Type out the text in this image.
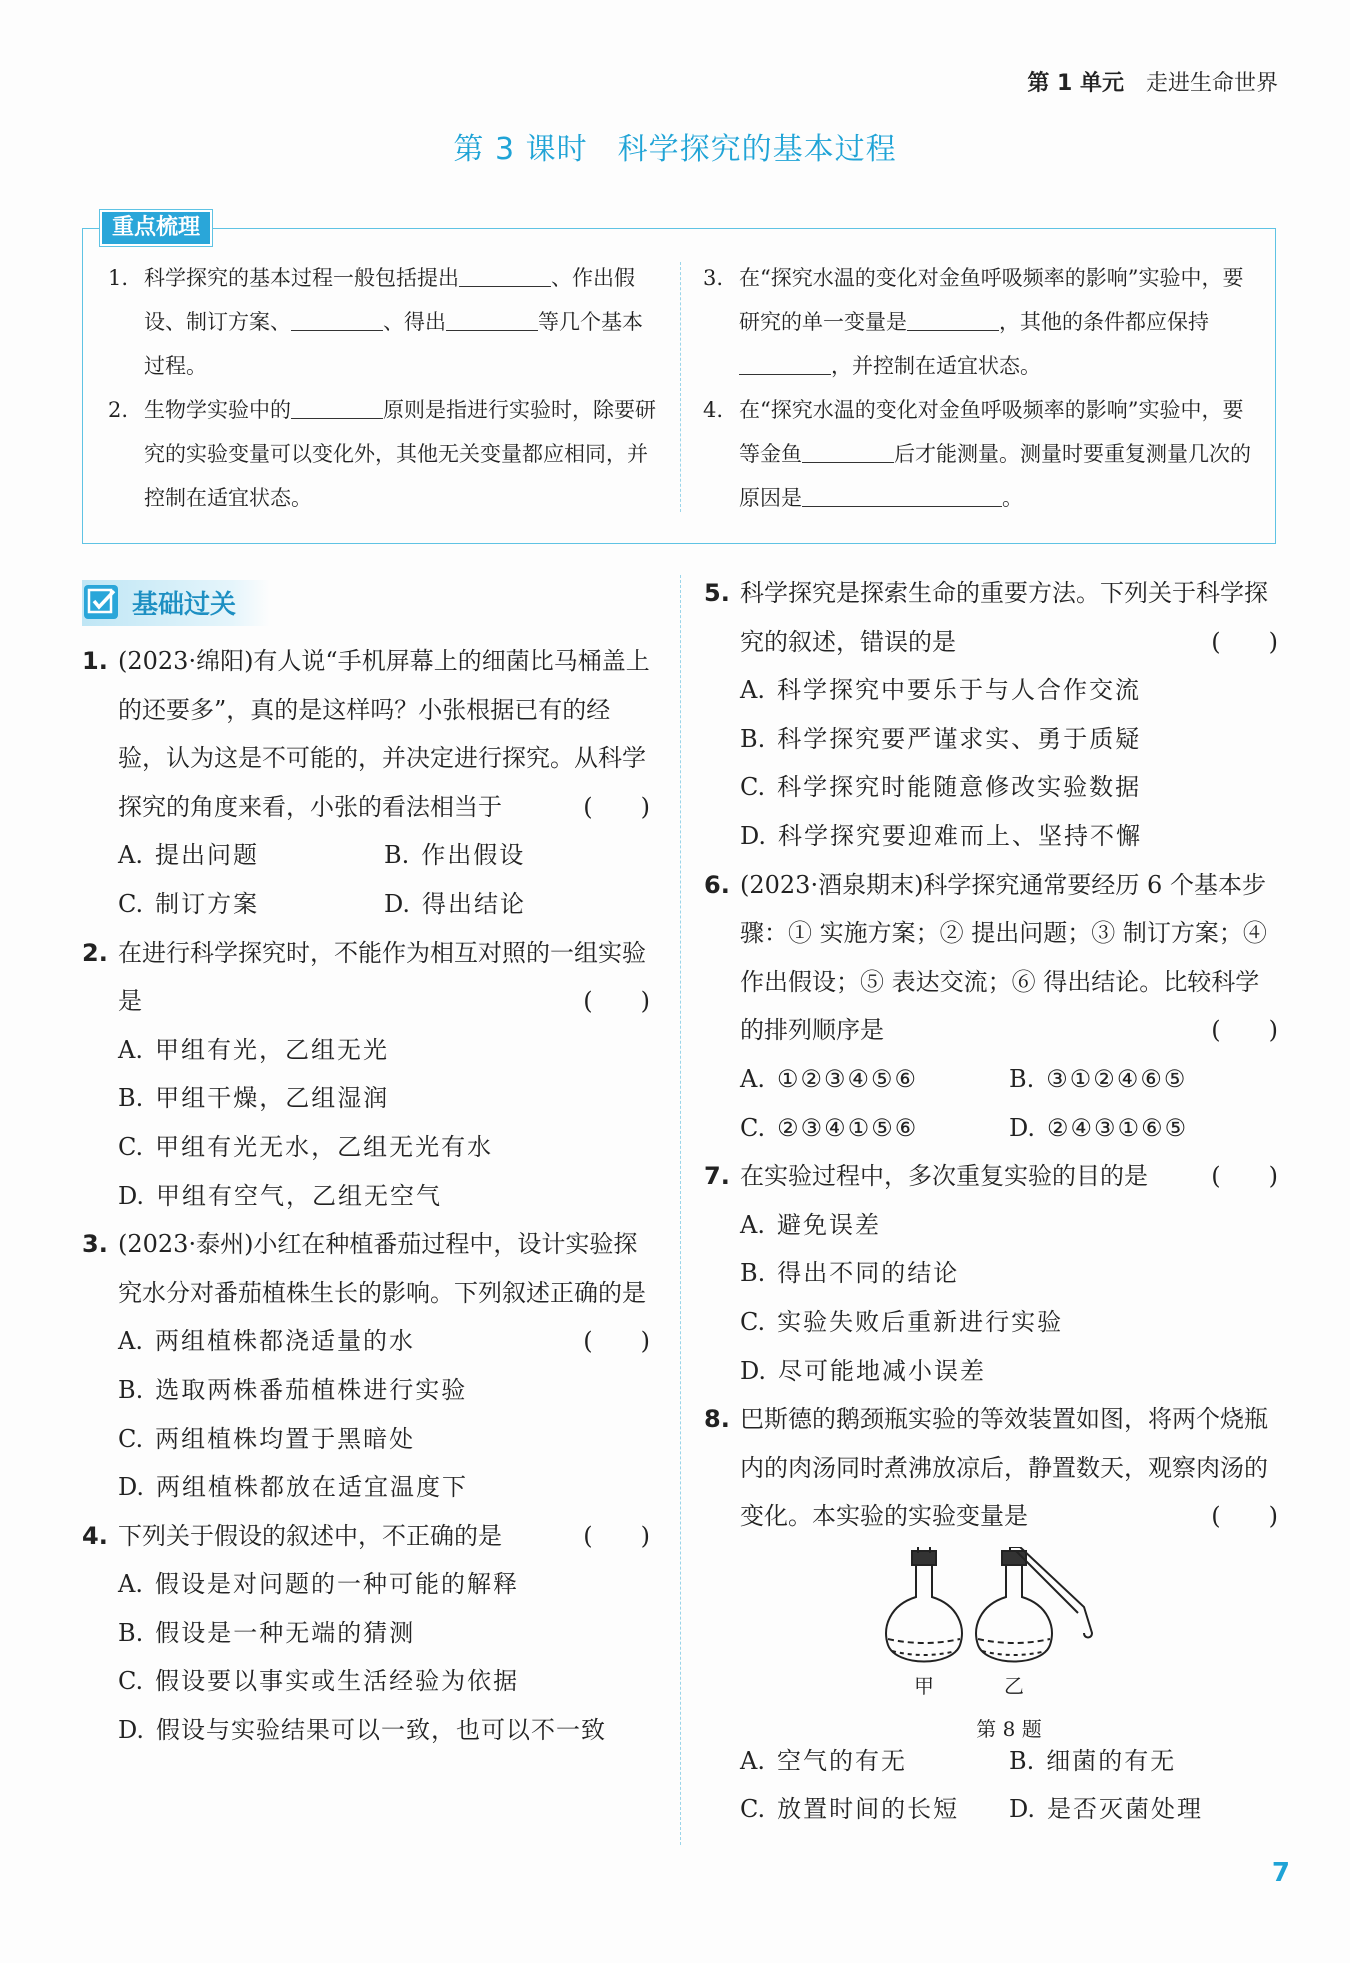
第 1 单元 走进生命世界
第 3 课时 科学探究的基本过程
重点梳理
1. 科学探究的基本过程一般包括提出	、作出假设、制订方案、	、得出	等几个基本过程。
2. 生物学实验中的	原则是指进行实验时，除要研究的实验变量可以变化外，其他无关变量都应相同，并控制在适宜状态。
3. 在“探究水温的变化对金鱼呼吸频率的影响”实验中，要研究的单一变量是	，其他的条件都应保持，并控制在适宜状态。
4. 在“探究水温的变化对金鱼呼吸频率的影响”实验中，要等金鱼	后才能测量。测量时要重复测量几次的原因是	。
基础过关
1. (2023·绵阳)有人说“手机屏幕上的细菌比马桶盖上的还要多”，真的是这样吗？小张根据已有的经验，认为这是不可能的，并决定进行探究。从科学探究的角度来看，小张的看法相当于	(　　)
A. 提出问题	B. 作出假设
C. 制订方案	D. 得出结论
2. 在进行科学探究时，不能作为相互对照的一组实验是	(　　)
A. 甲组有光，乙组无光
B. 甲组干燥，乙组湿润
C. 甲组有光无水，乙组无光有水
D. 甲组有空气，乙组无空气
3. (2023·泰州)小红在种植番茄过程中，设计实验探究水分对番茄植株生长的影响。下列叙述正确的是
(　　)
A. 两组植株都浇适量的水
B. 选取两株番茄植株进行实验
C. 两组植株均置于黑暗处
D. 两组植株都放在适宜温度下
4. 下列关于假设的叙述中，不正确的是	(　　)
A. 假设是对问题的一种可能的解释
B. 假设是一种无端的猜测
C. 假设要以事实或生活经验为依据
D. 假设与实验结果可以一致，也可以不一致
5. 科学探究是探索生命的重要方法。下列关于科学探究的叙述，错误的是	(　　)
A. 科学探究中要乐于与人合作交流
B. 科学探究要严谨求实、勇于质疑
C. 科学探究时能随意修改实验数据
D. 科学探究要迎难而上、坚持不懈
6. (2023·酒泉期末)科学探究通常要经历 6 个基本步骤：① 实施方案；② 提出问题；③ 制订方案；④ 作出假设；⑤ 表达交流；⑥ 得出结论。比较科学的排列顺序是	(　　)
A. ①②③④⑤⑥	B. ③①②④⑥⑤
C. ②③④①⑤⑥	D. ②④③①⑥⑤
7. 在实验过程中，多次重复实验的目的是	(　　)
A. 避免误差
B. 得出不同的结论
C. 实验失败后重新进行实验
D. 尽可能地减小误差
8. 巴斯德的鹅颈瓶实验的等效装置如图，将两个烧瓶内的肉汤同时煮沸放凉后，静置数天，观察肉汤的变化。本实验的实验变量是	(　　)
甲	乙
第 8 题
A. 空气的有无	B. 细菌的有无
C. 放置时间的长短	D. 是否灭菌处理
7
